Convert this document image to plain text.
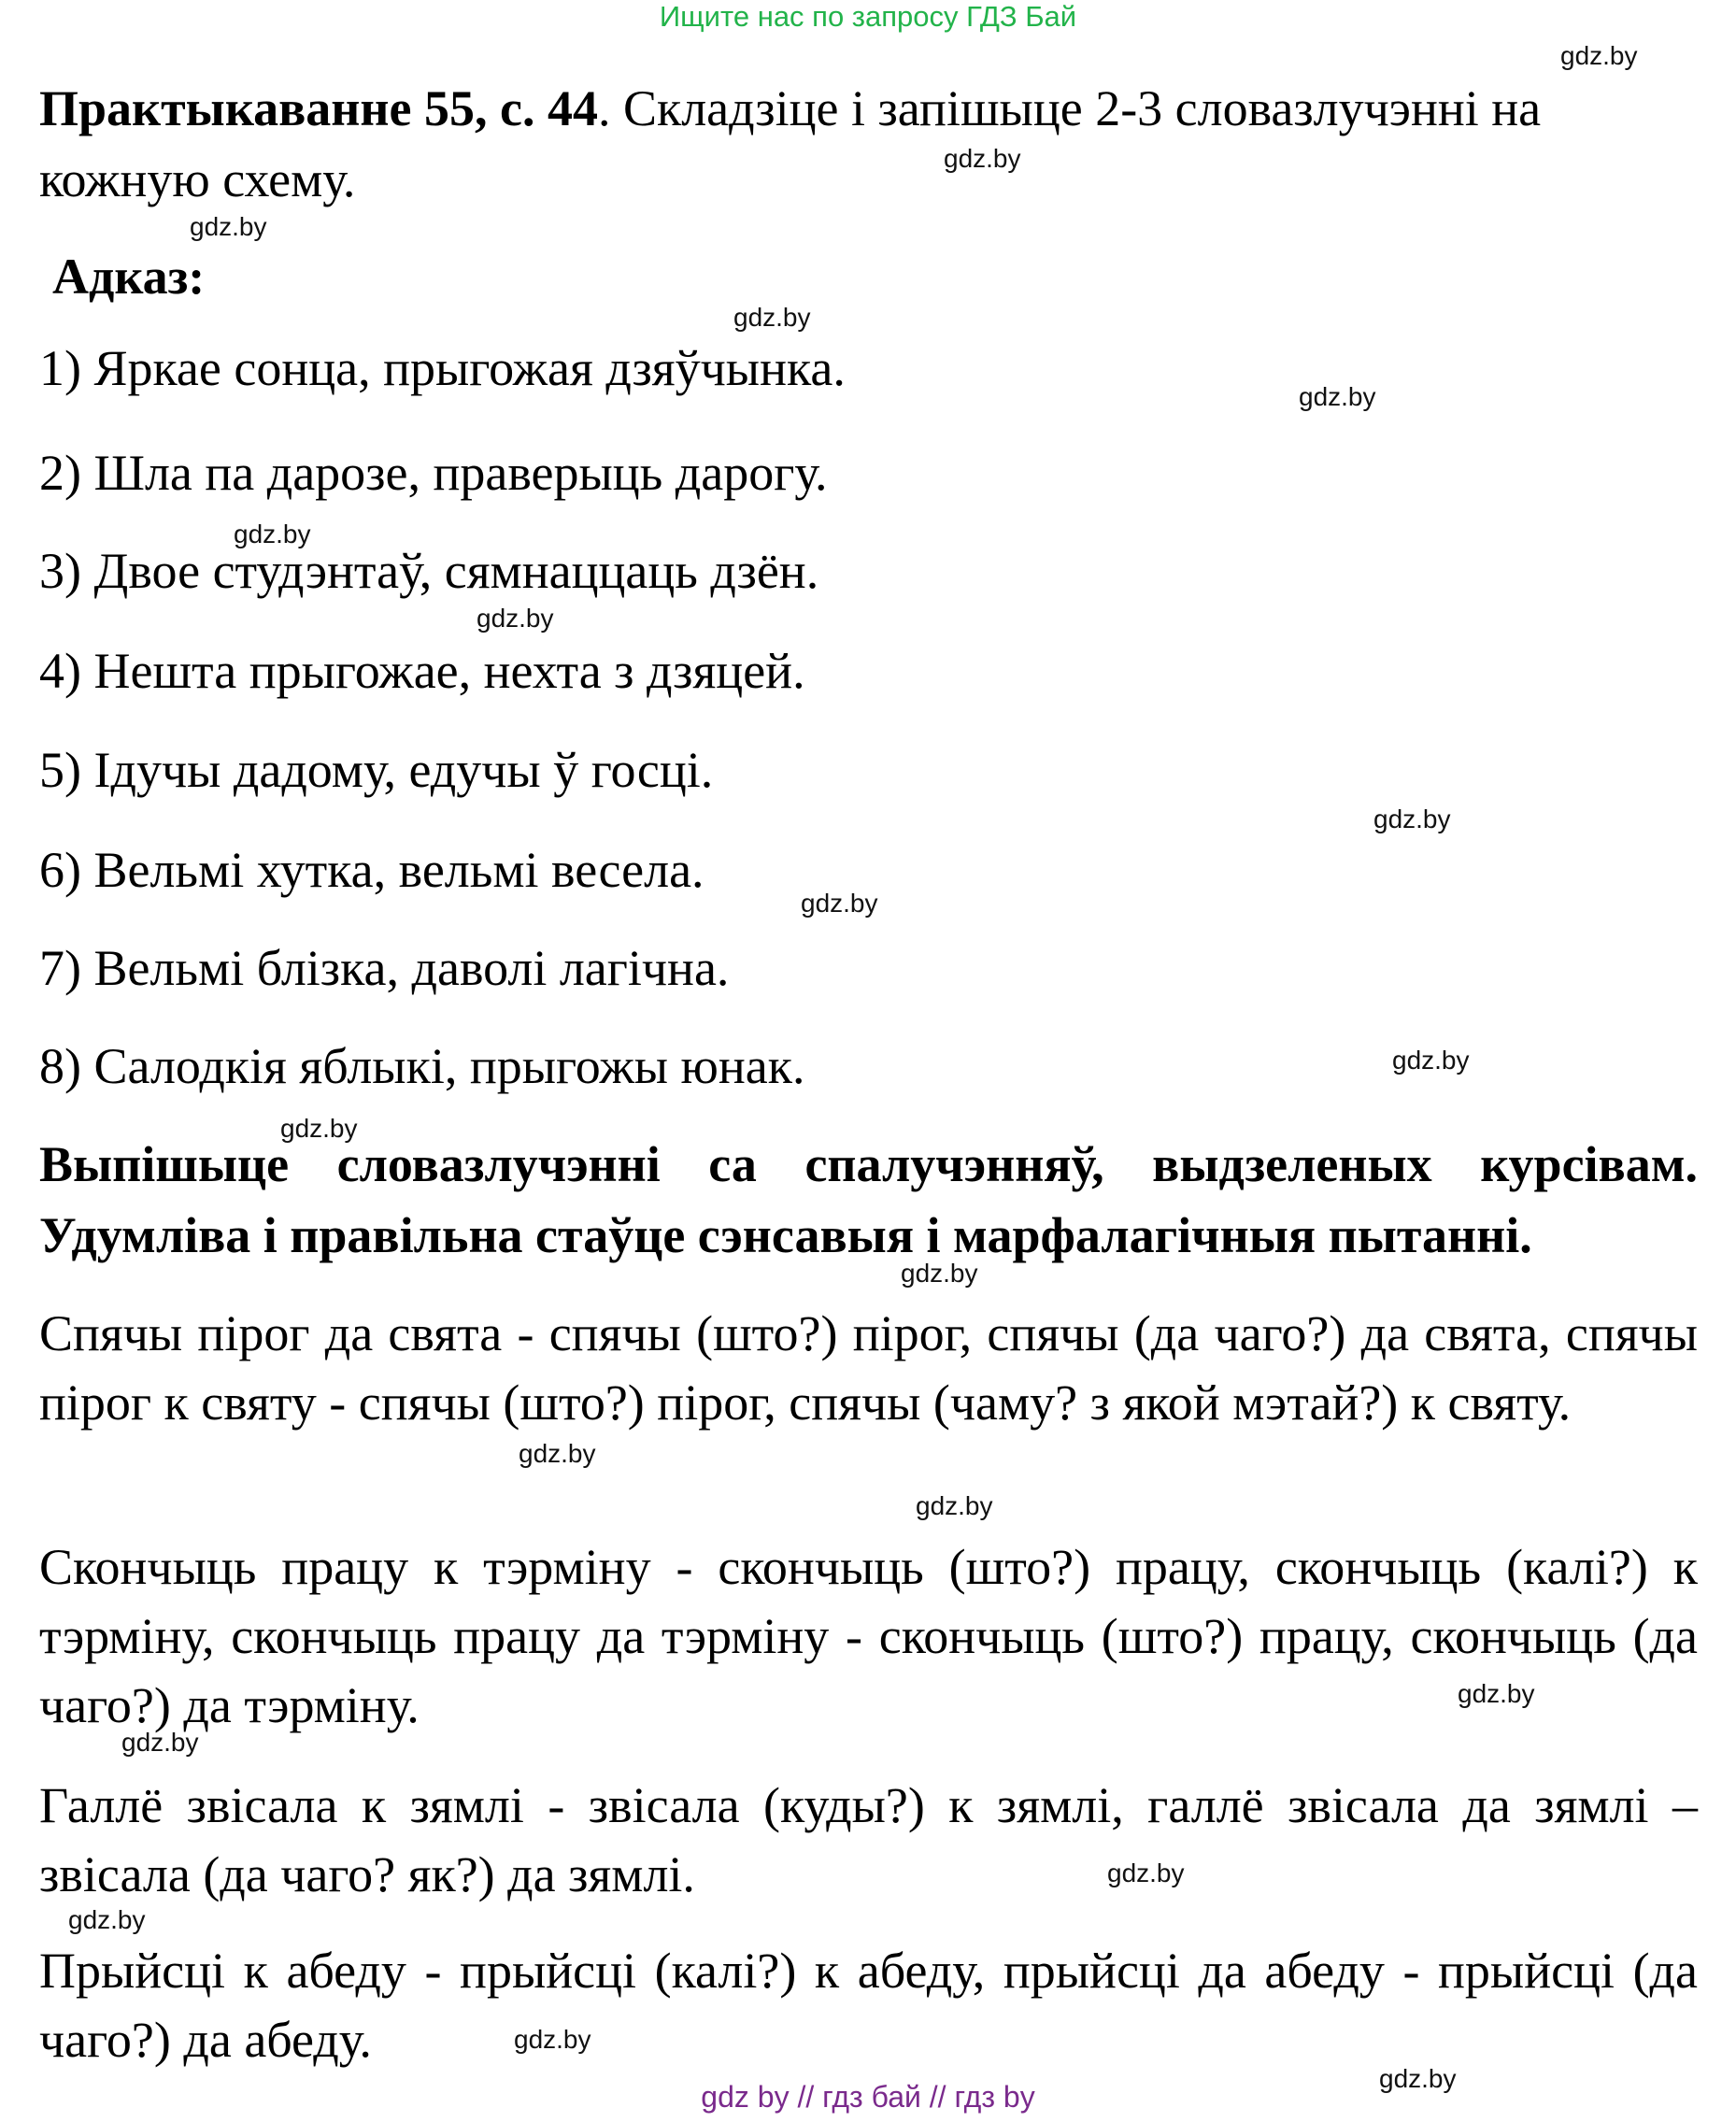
Ищите нас по запросу ГДЗ Бай

Практыкаванне 55, с. 44. Складзіце і запішыце 2-3 словазлучэнні на кожную схему.

Адказ:

1) Яркае сонца, прыгожая дзяўчынка.

2) Шла па дарозе, праверыць дарогу.

3) Двое студэнтаў, сямнаццаць дзён.

4) Нешта прыгожае, нехта з дзяцей.

5) Ідучы дадому, едучы ў госці.

6) Вельмі хутка, вельмі весела.

7) Вельмі блізка, даволі лагічна.

8) Салодкія яблыкі, прыгожы юнак.

Выпішыце словазлучэнні са спалучэнняў, выдзеленых курсівам. Удумліва і правільна стаўце сэнсавыя і марфалагічныя пытанні.

Спячы пірог да свята - спячы (што?) пірог, спячы (да чаго?) да свята, спячы пірог к святу - спячы (што?) пірог, спячы (чаму? з якой мэтай?) к святу.

Скончыць працу к тэрміну - скончыць (што?) працу, скончыць (калі?) к тэрміну, скончыць працу да тэрміну - скончыць (што?) працу, скончыць (да чаго?) да тэрміну.

Галлё звісала к зямлі - звісала (куды?) к зямлі, галлё звісала да зямлі – звісала (да чаго? як?) да зямлі.

Прыйсці к абеду - прыйсці (калі?) к абеду, прыйсці да абеду - прыйсці (да чаго?) да абеду.

gdz.by
gdz.by
gdz.by
gdz.by
gdz.by
gdz.by
gdz.by
gdz.by
gdz.by
gdz.by
gdz.by
gdz.by
gdz.by
gdz.by
gdz.by
gdz.by
gdz.by
gdz.by
gdz.by
gdz.by
gdz by // гдз бай // гдз by
